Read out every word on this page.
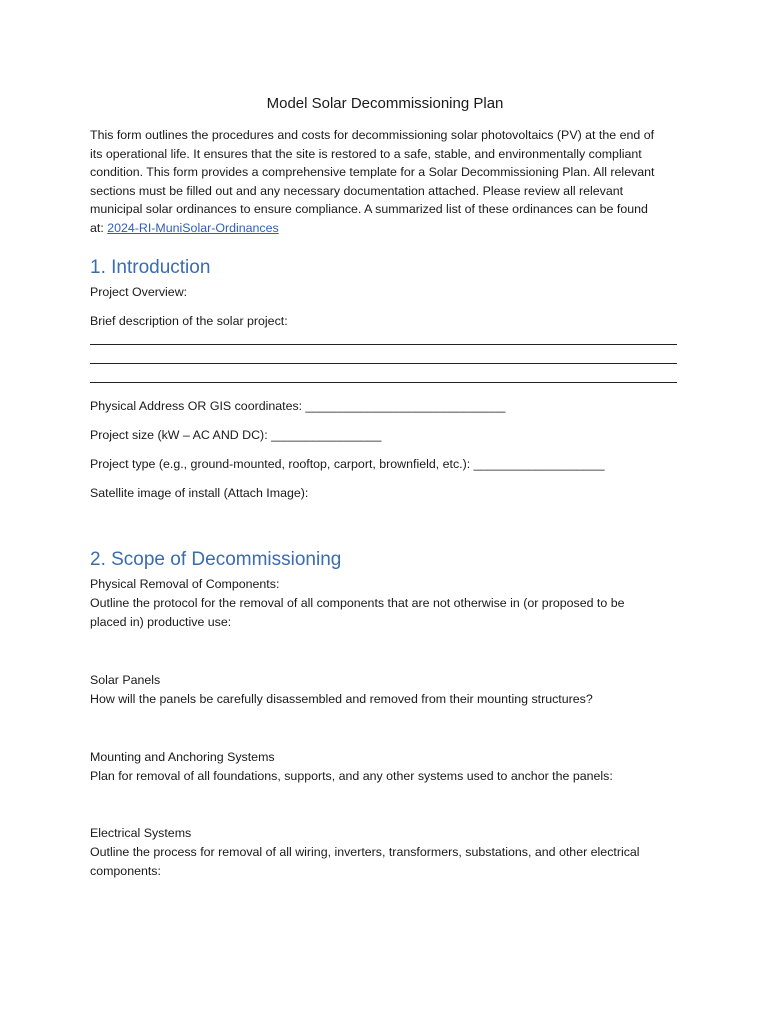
Model Solar Decommissioning Plan
This form outlines the procedures and costs for decommissioning solar photovoltaics (PV) at the end of
its operational life. It ensures that the site is restored to a safe, stable, and environmentally compliant
condition. This form provides a comprehensive template for a Solar Decommissioning Plan. All relevant
sections must be filled out and any necessary documentation attached. Please review all relevant
municipal solar ordinances to ensure compliance. A summarized list of these ordinances can be found
at: 2024-RI-MuniSolar-Ordinances
1. Introduction
Project Overview:
Brief description of the solar project:
Physical Address OR GIS coordinates: _____________________________
Project size (kW – AC AND DC): ________________
Project type (e.g., ground-mounted, rooftop, carport, brownfield, etc.): ___________________
Satellite image of install (Attach Image):
2. Scope of Decommissioning
Physical Removal of Components:
Outline the protocol for the removal of all components that are not otherwise in (or proposed to be
placed in) productive use:
Solar Panels
How will the panels be carefully disassembled and removed from their mounting structures?
Mounting and Anchoring Systems
Plan for removal of all foundations, supports, and any other systems used to anchor the panels:
Electrical Systems
Outline the process for removal of all wiring, inverters, transformers, substations, and other electrical
components:
